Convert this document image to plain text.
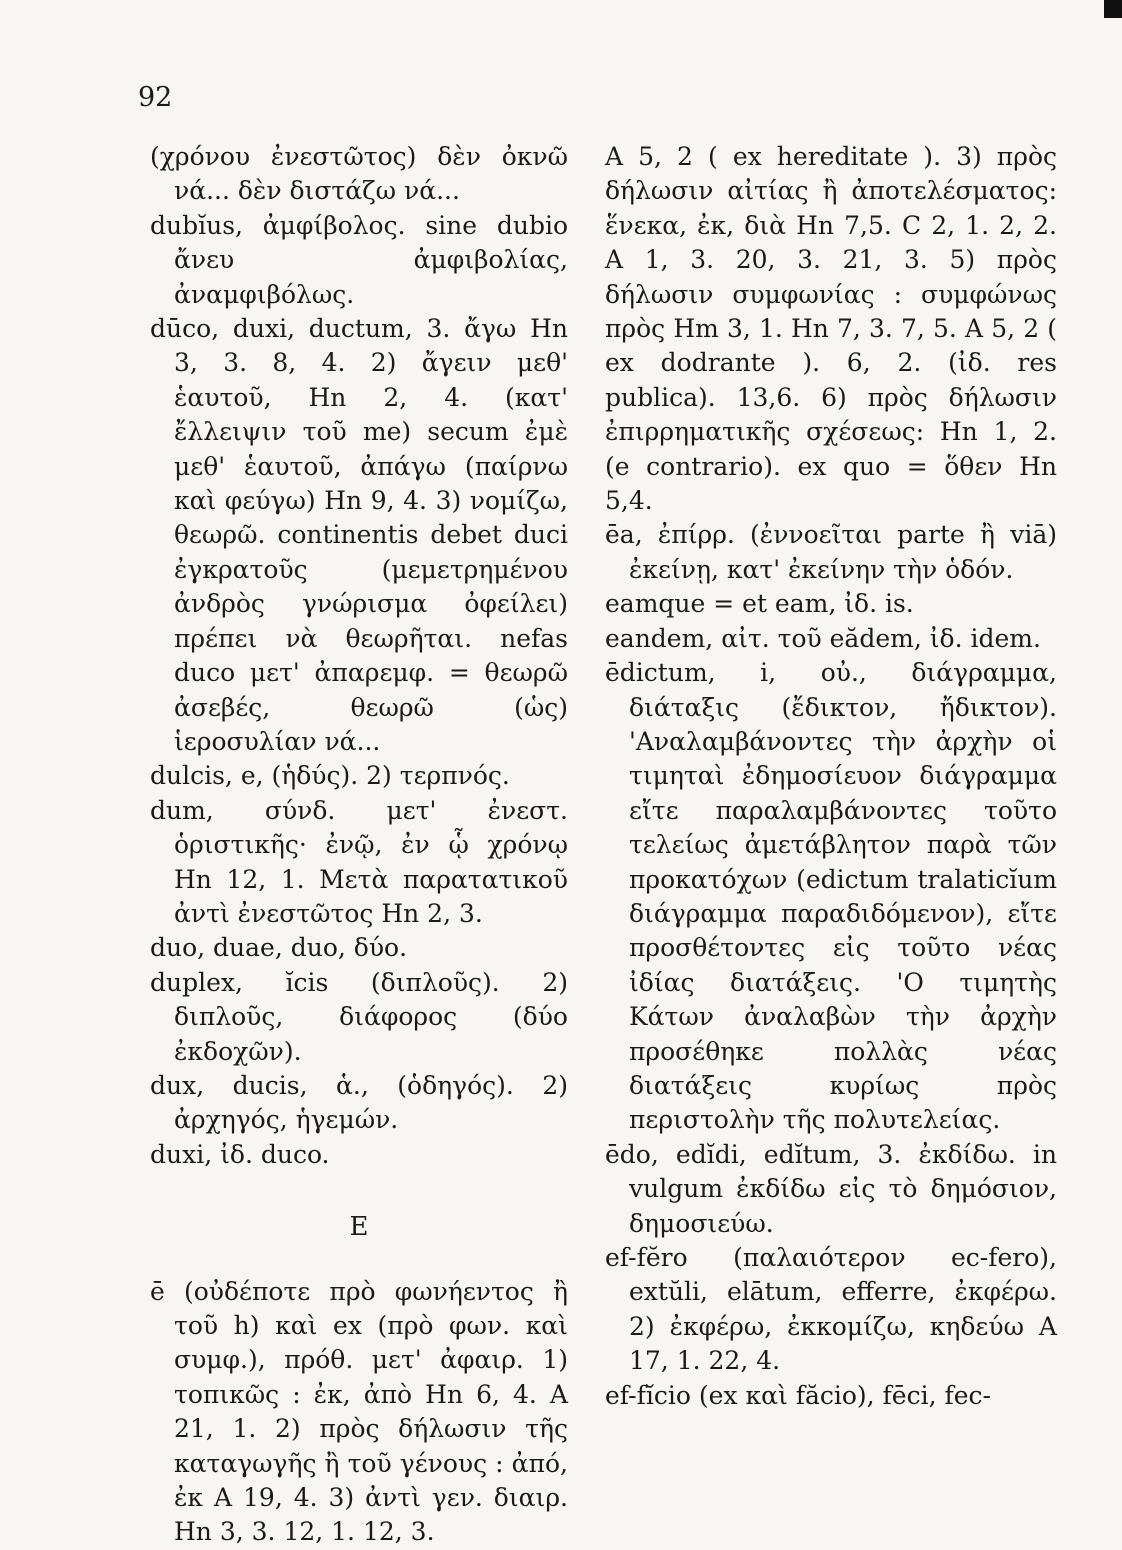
92

(χρόνου ἐνεστῶτος) δὲν ὀκνῶ νά... δὲν διστάζω νά...

dubĭus, ἀμφίβολος. sine dubio ἄνευ ἀμφιβολίας, ἀναμφιβόλως.

dūco, duxi, ductum, 3. ἄγω Hn 3, 3. 8, 4. 2) ἄγειν μεθ' ἑαυτοῦ, Hn 2, 4. (κατ' ἔλλειψιν τοῦ me) secum ἐμὲ μεθ' ἑαυτοῦ, ἀπάγω (παίρνω καὶ φεύγω) Hn 9, 4. 3) νομίζω, θεωρῶ. continentis debet duci ἐγκρατοῦς (μεμετρημένου ἀνδρὸς γνώρισμα ὀφείλει) πρέπει νὰ θεωρῆται. nefas duco μετ' ἀπαρεμφ. = θεωρῶ ἀσεβές, θεωρῶ (ὡς) ἱεροσυλίαν νά...

dulcis, e, (ἡδύς). 2) τερπνός.

dum, σύνδ. μετ' ἐνεστ. ὁριστικῆς· ἐνῷ, ἐν ᾧ χρόνῳ Hn 12, 1. Μετὰ παρατατικοῦ ἀντὶ ἐνεστῶτος Hn 2, 3.

duo, duae, duo, δύο.

duplex, ĭcis (διπλοῦς). 2) διπλοῦς, διάφορος (δύο ἐκδοχῶν).

dux, ducis, ἁ., (ὁδηγός). 2) ἀρχηγός, ἡγεμών.

duxi, ἰδ. duco.

E

ē (οὐδέποτε πρὸ φωνήεντος ἢ τοῦ h) καὶ ex (πρὸ φων. καὶ συμφ.), πρόθ. μετ' ἀφαιρ. 1) τοπικῶς : ἐκ, ἀπὸ Hn 6, 4. A 21, 1. 2) πρὸς δήλωσιν τῆς καταγωγῆς ἢ τοῦ γένους : ἀπό, ἐκ A 19, 4. 3) ἀντὶ γεν. διαιρ. Hn 3, 3. 12, 1. 12, 3.

A 5, 2 ( ex hereditate ). 3) πρὸς δήλωσιν αἰτίας ἢ ἀποτελέσματος: ἕνεκα, ἐκ, διὰ Hn 7,5. C 2, 1. 2, 2. A 1, 3. 20, 3. 21, 3. 5) πρὸς δήλωσιν συμφωνίας : συμφώνως πρὸς Hm 3, 1. Hn 7, 3. 7, 5. A 5, 2 ( ex dodrante ). 6, 2. (ἰδ. res publica). 13,6. 6) πρὸς δήλωσιν ἐπιρρηματικῆς σχέσεως: Hn 1, 2. (e contrario). ex quo = ὅθεν Hn 5,4.

ēa, ἐπίρρ. (ἐννοεῖται parte ἢ viā) ἐκείνῃ, κατ' ἐκείνην τὴν ὁδόν.

eamque = et eam, ἰδ. is.

eandem, αἰτ. τοῦ eădem, ἰδ. idem.

ēdictum, i, οὐ., διάγραμμα, διάταξις (ἔδικτον, ἤδικτον). 'Αναλαμβάνοντες τὴν ἀρχὴν οἱ τιμηταὶ ἐδημοσίευον διάγραμμα εἴτε παραλαμβάνοντες τοῦτο τελείως ἀμετάβλητον παρὰ τῶν προκατόχων (edictum tralaticĭum διάγραμμα παραδιδόμενον), εἴτε προσθέτοντες εἰς τοῦτο νέας ἰδίας διατάξεις. 'Ο τιμητὴς Κάτων ἀναλαβὼν τὴν ἀρχὴν προσέθηκε πολλὰς νέας διατάξεις κυρίως πρὸς περιστολὴν τῆς πολυτελείας.

ēdo, edĭdi, edĭtum, 3. ἐκδίδω. in vulgum ἐκδίδω εἰς τὸ δημόσιον, δημοσιεύω.

ef-fĕro (παλαιότερον ec-fero), extŭli, elātum, efferre, ἐκφέρω. 2) ἐκφέρω, ἐκκομίζω, κηδεύω A 17, 1. 22, 4.

ef-fĭcio (ex καὶ făcio), fēci, fec-
